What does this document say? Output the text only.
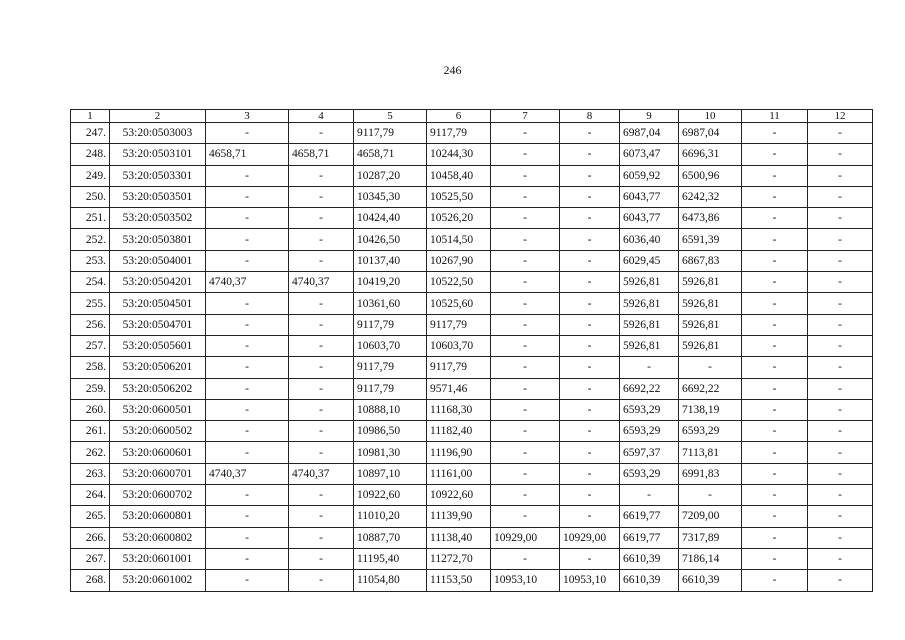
246
1	2	3	4	5	6	7	8	9	10	11	12
247.	53:20:0503003	-	-	9117,79	9117,79	-	-	6987,04	6987,04	-	-
248.	53:20:0503101	4658,71	4658,71	4658,71	10244,30	-	-	6073,47	6696,31	-	-
249.	53:20:0503301	-	-	10287,20	10458,40	-	-	6059,92	6500,96	-	-
250.	53:20:0503501	-	-	10345,30	10525,50	-	-	6043,77	6242,32	-	-
251.	53:20:0503502	-	-	10424,40	10526,20	-	-	6043,77	6473,86	-	-
252.	53:20:0503801	-	-	10426,50	10514,50	-	-	6036,40	6591,39	-	-
253.	53:20:0504001	-	-	10137,40	10267,90	-	-	6029,45	6867,83	-	-
254.	53:20:0504201	4740,37	4740,37	10419,20	10522,50	-	-	5926,81	5926,81	-	-
255.	53:20:0504501	-	-	10361,60	10525,60	-	-	5926,81	5926,81	-	-
256.	53:20:0504701	-	-	9117,79	9117,79	-	-	5926,81	5926,81	-	-
257.	53:20:0505601	-	-	10603,70	10603,70	-	-	5926,81	5926,81	-	-
258.	53:20:0506201	-	-	9117,79	9117,79	-	-	-	-	-	-
259.	53:20:0506202	-	-	9117,79	9571,46	-	-	6692,22	6692,22	-	-
260.	53:20:0600501	-	-	10888,10	11168,30	-	-	6593,29	7138,19	-	-
261.	53:20:0600502	-	-	10986,50	11182,40	-	-	6593,29	6593,29	-	-
262.	53:20:0600601	-	-	10981,30	11196,90	-	-	6597,37	7113,81	-	-
263.	53:20:0600701	4740,37	4740,37	10897,10	11161,00	-	-	6593,29	6991,83	-	-
264.	53:20:0600702	-	-	10922,60	10922,60	-	-	-	-	-	-
265.	53:20:0600801	-	-	11010,20	11139,90	-	-	6619,77	7209,00	-	-
266.	53:20:0600802	-	-	10887,70	11138,40	10929,00	10929,00	6619,77	7317,89	-	-
267.	53:20:0601001	-	-	11195,40	11272,70	-	-	6610,39	7186,14	-	-
268.	53:20:0601002	-	-	11054,80	11153,50	10953,10	10953,10	6610,39	6610,39	-	-
